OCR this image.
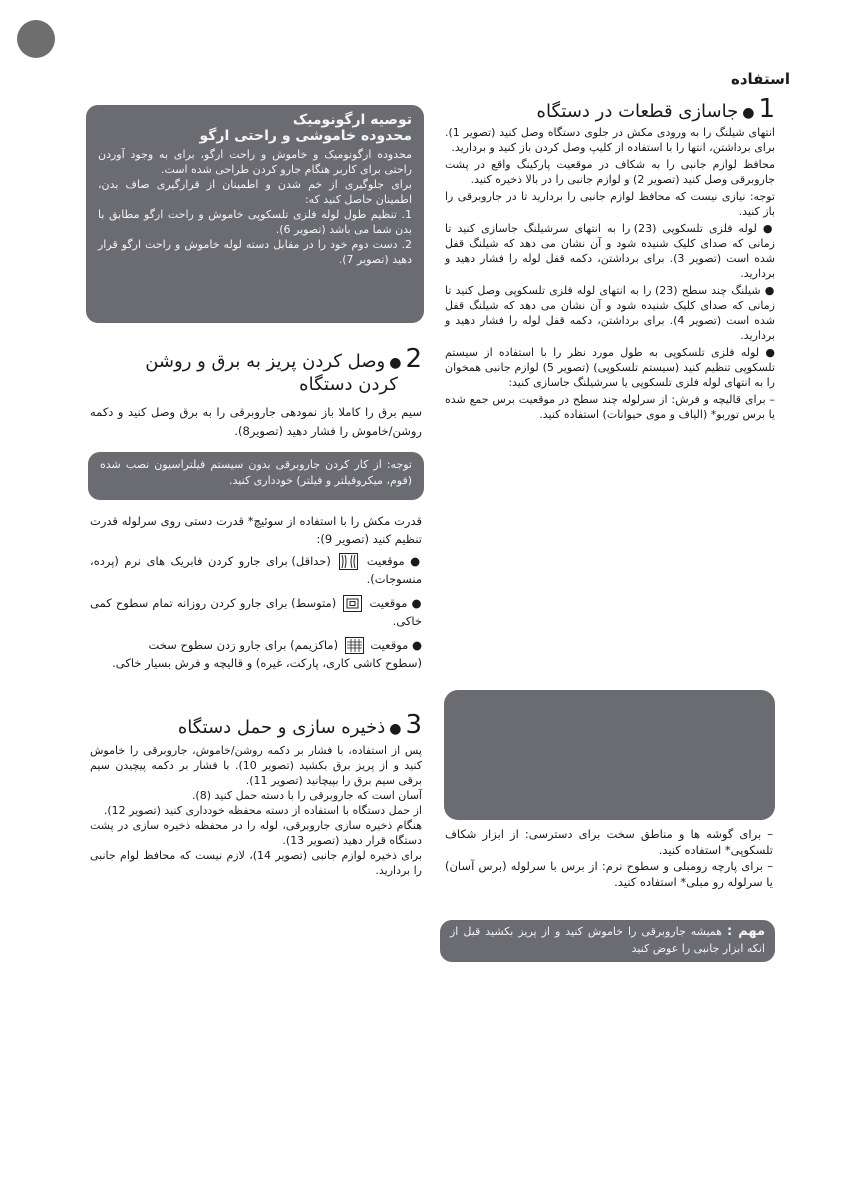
استفاده
1
●
جاسازی قطعات در دستگاه

انتهای شیلنگ را به ورودی مکش در جلوی دستگاه وصل کنید (تصویر 1). برای برداشتن، انتها را با استفاده از کلیپ وصل کردن باز کنید و بردارید.

محافظ لوازم جانبی را به شکاف در موقعیت پارکینگ واقع در پشت جاروبرقی وصل کنید (تصویر 2) و لوازم جانبی را در بالا ذخیره کنید.

توجه: نیازی نیست که محافظ لوازم جانبی را بردارید تا در جاروبرقی را باز کنید.

● لوله فلزی تلسکوپی (23) را به انتهای سرشیلنگ جاسازی کنید تا زمانی که صدای کلیک شنیده شود و آن نشان می دهد که شیلنگ قفل شده است (تصویر 3). برای برداشتن، دکمه قفل لوله را فشار دهید و بردارید.

● شیلنگ چند سطح (23) را به انتهای لوله فلزی تلسکوپی وصل کنید تا زمانی که صدای کلیک شنیده شود و آن نشان می دهد که شیلنگ قفل شده است (تصویر 4). برای برداشتن، دکمه قفل لوله را فشار دهید و بردارید.

● لوله فلزی تلسکوپی به طول مورد نظر را با استفاده از سیستم تلسکوپی تنظیم کنید (سیستم تلسکوپی) (تصویر 5) لوازم جانبی همخوان را به انتهای لوله فلزی تلسکوپی یا سرشیلنگ جاسازی کنید:

– برای قالیچه و فرش: از سرلوله چند سطح در موقعیت برس جمع شده یا برس توربو* (الیاف و موی حیوانات) استفاده کنید.

توصیه ارگونومیک
محدوده خاموشی و راحتی ارگو

محدوده ارگونومیک و خاموش و راحت ارگو، برای به وجود آوردن راحتی برای کاربر هنگام جارو کردن طراحی شده است.

برای جلوگیری از خم شدن و اطمینان از قرارگیری صاف بدن، اطمینان حاصل کنید که:

1. تنظیم طول لوله فلزی تلسکوپی خاموش و راحت ارگو مطابق با بدن شما می باشد (تصویر 6).

2. دست دوم خود را در مقابل دسته لوله خاموش و راحت ارگو قرار دهید (تصویر 7).

2
●
وصل کردن پریز به برق و روشن
کردن دستگاه
سیم برق را کاملا باز نمودهی جاروبرقی را به برق وصل کنید و دکمه روشن/خاموش را فشار دهید (تصویر8).
توجه: از کار کردن جاروبرقی بدون سیستم فیلتراسیون نصب شده (فوم، میکروفیلتر و فیلتر) خودداری کنید.

قدرت مکش را با استفاده از سوئیچ* قدرت دستی روی سرلوله قدرت تنظیم کنید (تصویر 9):

● موقعیت
(حداقل) برای جارو کردن فابریک های نرم (پرده، منسوجات).

● موقعیت
(متوسط) برای جارو کردن روزانه تمام سطوح کمی خاکی.

● موقعیت
(ماکزیمم) برای جارو زدن سطوح سخت

(سطوح کاشی کاری، پارکت، غیره) و قالیچه و فرش بسیار خاکی.

3
●
ذخیره سازی و حمل دستگاه

پس از استفاده، با فشار بر دکمه روشن/خاموش، جاروبرقی را خاموش کنید و از پریز برق بکشید (تصویر 10). با فشار بر دکمه پیچیدن سیم برقی سیم برق را بپیچانید (تصویر 11).

آسان است که جاروبرقی را با دسته حمل کنید (8).

از حمل دستگاه با استفاده از دسته محفظه خودداری کنید (تصویر 12).

هنگام ذخیره سازی جاروبرقی، لوله را در محفظه ذخیره سازی در پشت دستگاه قرار دهید (تصویر 13).

برای ذخیره لوازم جانبی (تصویر 14)، لازم نیست که محافظ لوام جانبی را بردارید.

– برای گوشه ها و مناطق سخت برای دسترسی: از ابزار شکاف تلسکوپی* استفاده کنید.

– برای پارچه رومبلی و سطوح نرم: از برس با سرلوله (برس آسان) یا سرلوله رو مبلی* استفاده کنید.

مهم : همیشه جاروبرقی را خاموش کنید و از پریز بکشید قبل از انکه ابزار جانبی را عوض کنید
